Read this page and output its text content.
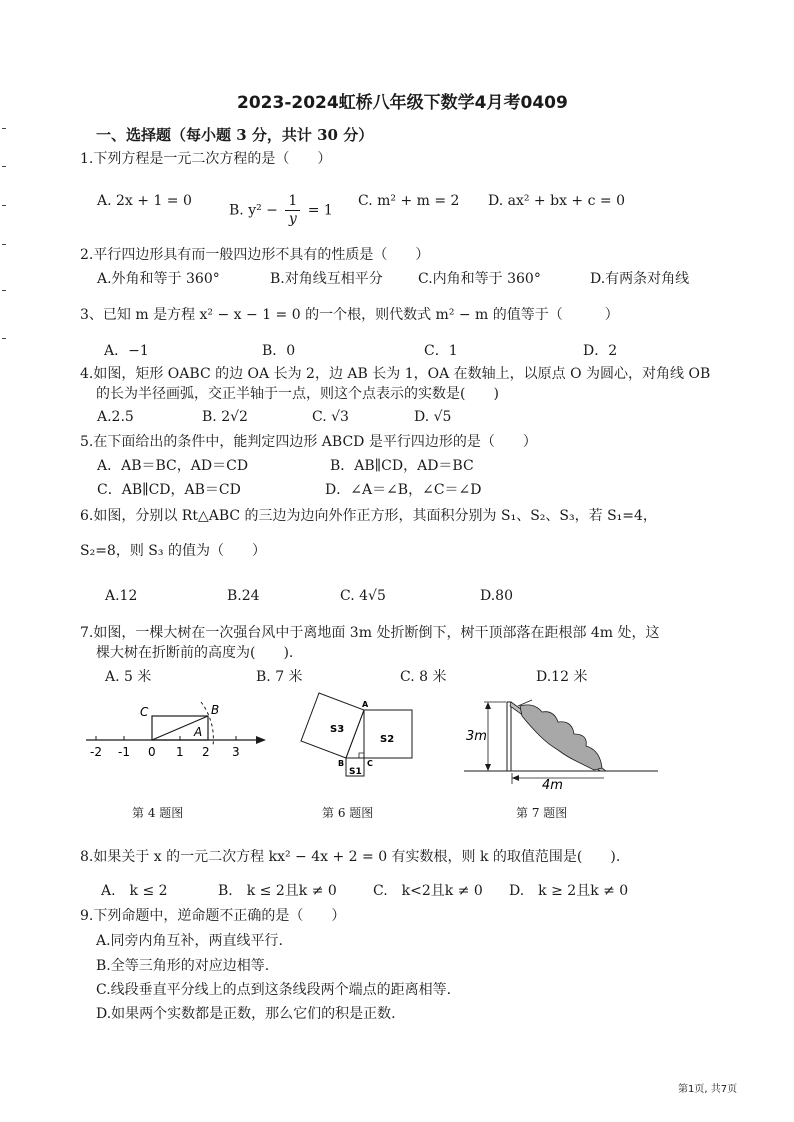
2023-2024虹桥八年级下数学4月考0409
一、选择题（每小题 3 分，共计 30 分）
1.下列方程是一元二次方程的是（　　）
A. 2x + 1 = 0
B. $y^2 - \frac{1}{y} = 1$
C. m² + m = 2 D. ax² + bx + c = 0
2.平行四边形具有而一般四边形不具有的性质是（　　）
A.外角和等于 360°	B.对角线互相平分	C.内角和等于 360°	D.有两条对角线
3、已知 m 是方程 x² − x − 1 = 0 的一个根，则代数式 m² − m 的值等于（　　　）
A．−1	B．0	C．1	D．2
4.如图，矩形 OABC 的边 OA 长为 2，边 AB 长为 1，OA 在数轴上，以原点 O 为圆心，对角线 OB
的长为半径画弧，交正半轴于一点，则这个点表示的实数是(　　)
A.2.5	B. 2√2	C. √3	D. √5
5.在下面给出的条件中，能判定四边形 ABCD 是平行四边形的是（　　）
A．AB＝BC，AD＝CD	B．AB∥CD，AD＝BC
C．AB∥CD，AB＝CD	D．∠A＝∠B，∠C＝∠D
6.如图，分别以 Rt△ABC 的三边为边向外作正方形，其面积分别为 S₁、S₂、S₃，若 S₁=4，
S₂=8，则 S₃ 的值为（　　）
A.12	B.24	C. 4√5	D.80
7.如图，一棵大树在一次强台风中于离地面 3m 处折断倒下，树干顶部落在距根部 4m 处，这
棵大树在折断前的高度为(　　).
A. 5 米	B. 7 米	C. 8 米	D.12 米
-2 -1 0 1 2 3
C	B
A
第 4 题图
S3
S2
S1
A
B	C
第 6 题图
3m
4m
第 7 题图
8.如果关于 x 的一元二次方程 kx² − 4x + 2 = 0 有实数根，则 k 的取值范围是(　　).
A.　k ≤ 2	B.　k ≤ 2且k ≠ 0	C.　k<2且k ≠ 0 D.　k ≥ 2且k ≠ 0
9.下列命题中，逆命题不正确的是（　　）
A.同旁内角互补，两直线平行.
B.全等三角形的对应边相等.
C.线段垂直平分线上的点到这条线段两个端点的距离相等.
D.如果两个实数都是正数，那么它们的积是正数.
第1页, 共7页
